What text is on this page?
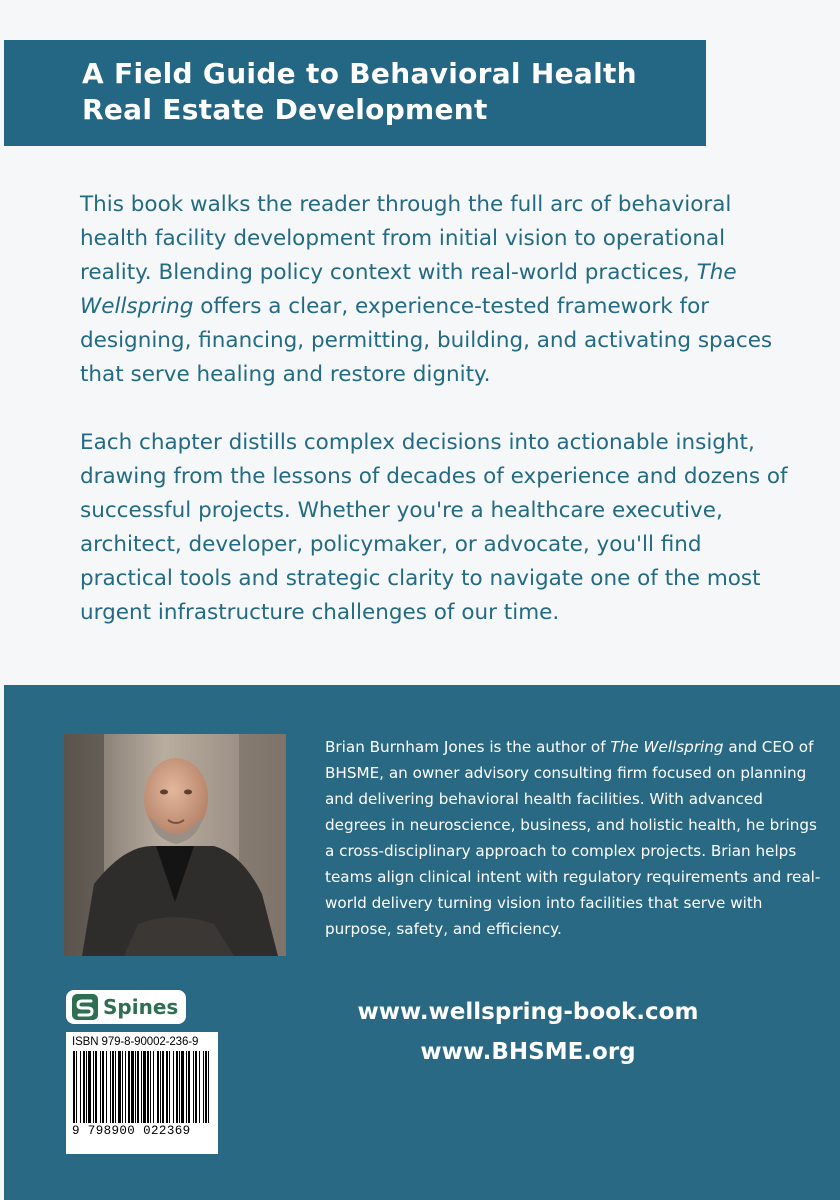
A Field Guide to Behavioral Health
Real Estate Development

This book walks the reader through the full arc of behavioral health facility development from initial vision to operational reality. Blending policy context with real-world practices, The Wellspring offers a clear, experience-tested framework for designing, financing, permitting, building, and activating spaces that serve healing and restore dignity.

Each chapter distills complex decisions into actionable insight, drawing from the lessons of decades of experience and dozens of successful projects. Whether you're a healthcare executive, architect, developer, policymaker, or advocate, you'll find practical tools and strategic clarity to navigate one of the most urgent infrastructure challenges of our time.

Brian Burnham Jones is the author of The Wellspring and CEO of BHSME, an owner advisory consulting firm focused on planning and delivering behavioral health facilities. With advanced degrees in neuroscience, business, and holistic health, he brings a cross-disciplinary approach to complex projects. Brian helps teams align clinical intent with regulatory requirements and real-world delivery turning vision into facilities that serve with purpose, safety, and efficiency.
Spines
ISBN 979-8-90002-236-9
9 798900 022369
www.wellspring-book.com
www.BHSME.org
